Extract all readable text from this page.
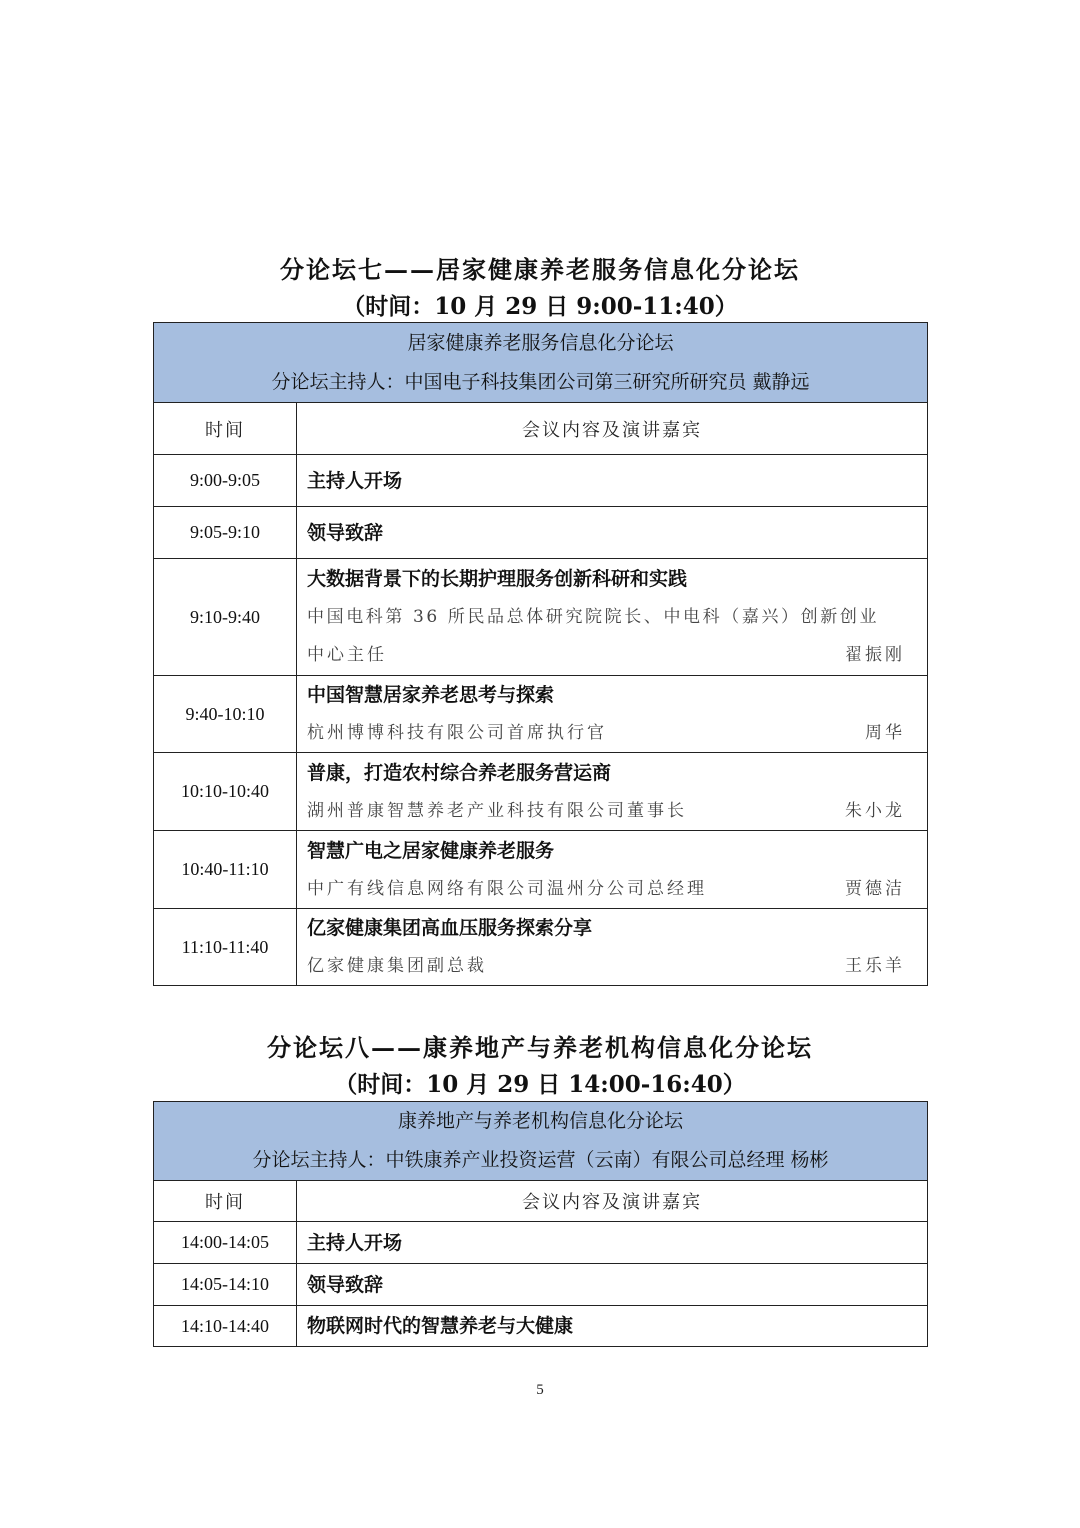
分论坛七——居家健康养老服务信息化分论坛
（时间：10 月 29 日 9:00-11:40）
居家健康养老服务信息化分论坛
分论坛主持人：中国电子科技集团公司第三研究所研究员 戴静远	

时间	会议内容及演讲嘉宾
9:00-9:05	主持人开场

9:05-9:10	领导致辞

9:10-9:40	大数据背景下的长期护理服务创新科研和实践
中国电科第 36 所民品总体研究院院长、中电科（嘉兴）创新创业
中心主任 翟振刚

9:40-10:10	中国智慧居家养老思考与探索
杭州博博科技有限公司首席执行官 周华

10:10-10:40	普康，打造农村综合养老服务营运商
湖州普康智慧养老产业科技有限公司董事长 朱小龙

10:40-11:10	智慧广电之居家健康养老服务
中广有线信息网络有限公司温州分公司总经理 贾德洁

11:10-11:40	亿家健康集团高血压服务探索分享
亿家健康集团副总裁 王乐羊
分论坛八——康养地产与养老机构信息化分论坛
（时间：10 月 29 日 14:00-16:40）
康养地产与养老机构信息化分论坛
分论坛主持人：中铁康养产业投资运营（云南）有限公司总经理 杨彬	

时间	会议内容及演讲嘉宾
14:00-14:05	主持人开场

14:05-14:10	领导致辞

14:10-14:40	物联网时代的智慧养老与大健康
5
